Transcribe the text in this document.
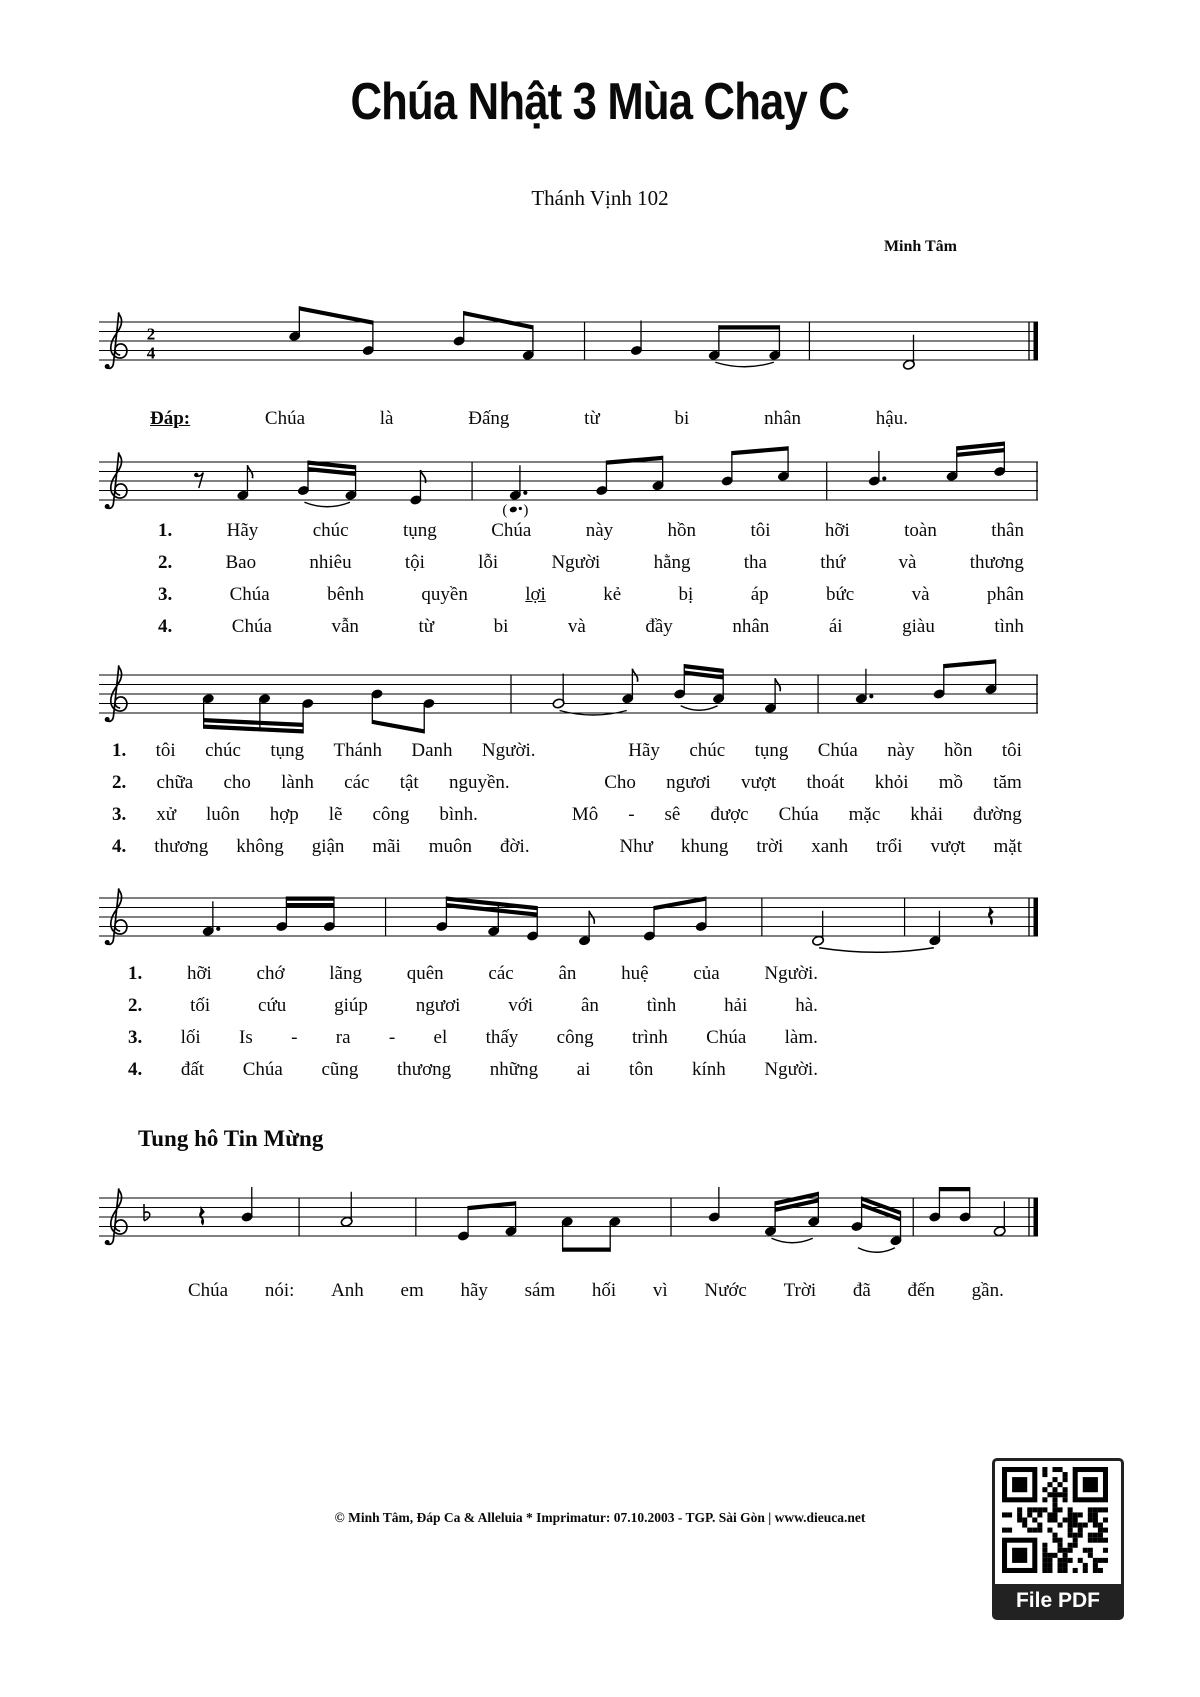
Chúa Nhật 3 Mùa Chay C
Thánh Vịnh 102
Minh Tâm
2
4
Đáp:	Chúa	là	Đấng	từ	bi	nhân	hậu.
( )
1.	Hãy	chúc	tụng	Chúa	này	hồn	tôi	hỡi	toàn	thân
2.	Bao	nhiêu	tội	lỗi	Người	hằng	tha	thứ	và	thương
3.	Chúa	bênh	quyền	lợi	kẻ	bị	áp	bức	và	phân
4.	Chúa	vẫn	từ	bi	và	đầy	nhân	ái	giàu	tình
1. tôi chúc tụng Thánh Danh Người.	Hãy chúc tụng Chúa này hồn tôi
2. chữa cho lành các tật nguyền.	Cho ngươi vượt thoát khỏi mồ tăm
3. xử luôn hợp lẽ công bình.	Mô - sê được Chúa mặc khải đường
4. thương không giận mãi muôn đời.	Như khung trời xanh trổi vượt mặt
1. hỡi chớ lãng quên các ân huệ của Người.
2.	tối	cứu	giúp	ngươi	với	ân	tình	hải	hà.
3. lối Is - ra - el thấy công trình Chúa làm.
4. đất Chúa cũng thương những ai tôn kính Người.
Tung hô Tin Mừng
Chúa nói: Anh em hãy sám hối vì Nước Trời đã đến gần.
© Minh Tâm, Đáp Ca & Alleluia * Imprimatur: 07.10.2003 - TGP. Sài Gòn | www.dieuca.net
File PDF
